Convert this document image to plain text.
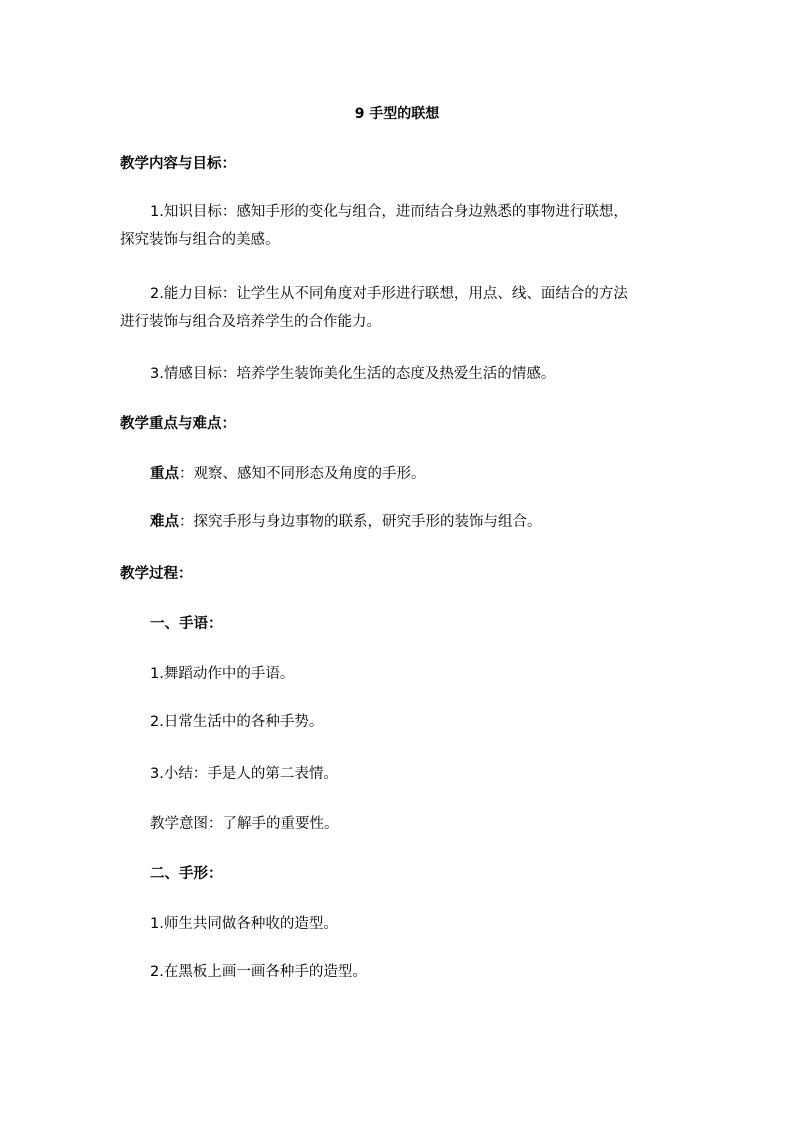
9 手型的联想
教学内容与目标：
1.知识目标：感知手形的变化与组合，进而结合身边熟悉的事物进行联想，
探究装饰与组合的美感。
2.能力目标：让学生从不同角度对手形进行联想，用点、线、面结合的方法
进行装饰与组合及培养学生的合作能力。
3.情感目标：培养学生装饰美化生活的态度及热爱生活的情感。
教学重点与难点：
重点：观察、感知不同形态及角度的手形。
难点：探究手形与身边事物的联系，研究手形的装饰与组合。
教学过程：
一、手语：
1.舞蹈动作中的手语。
2.日常生活中的各种手势。
3.小结：手是人的第二表情。
教学意图：了解手的重要性。
二、手形：
1.师生共同做各种收的造型。
2.在黑板上画一画各种手的造型。
